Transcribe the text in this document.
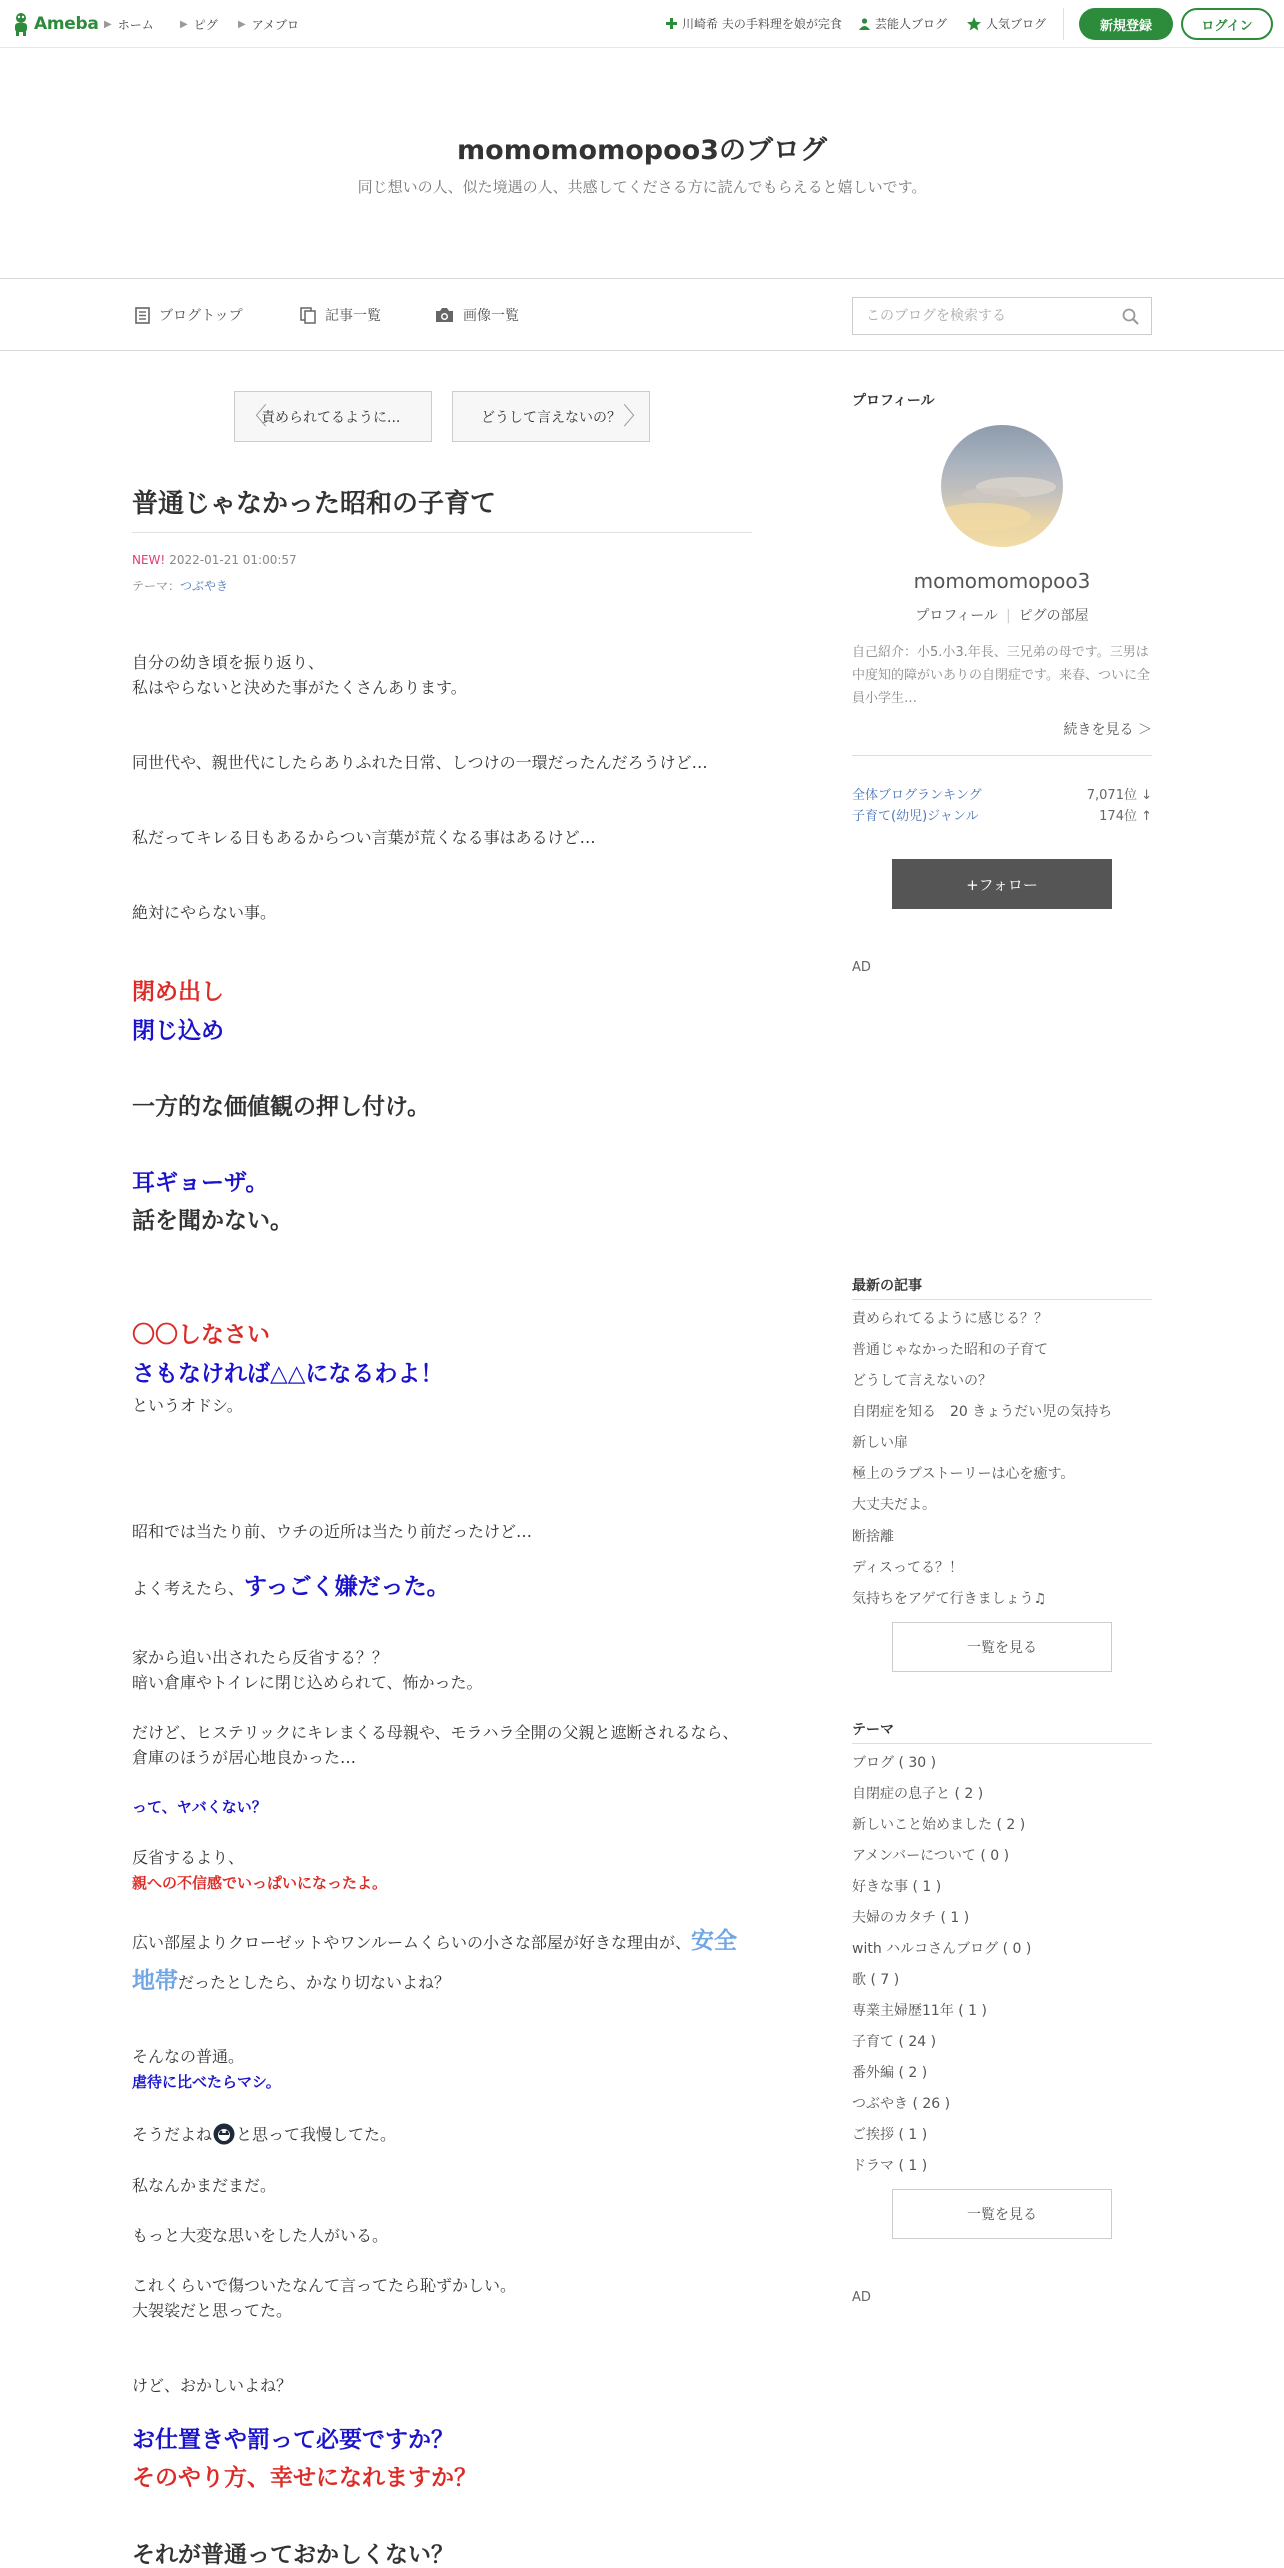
Ameba ▶ ホーム	▶ ピグ ▶ アメブロ	川崎希 夫の手料理を娘が完食	芸能人ブログ	人気ブログ	新規登録	ログイン
momomomopoo3のブログ

同じ想いの人、似た境遇の人、共感してくださる方に読んでもらえると嬉しいです。

ブログトップ	記事一覧	画像一覧
このブログを検索する
〈
責められてるように...	どうして言えないの？ 〉
普通じゃなかった昭和の子育て
NEW! 2022-01-21 01:00:57
テーマ：つぶやき
自分の幼き頃を振り返り、
私はやらないと決めた事がたくさんあります。
同世代や、親世代にしたらありふれた日常、しつけの一環だったんだろうけど…
私だってキレる日もあるからつい言葉が荒くなる事はあるけど…
絶対にやらない事。
閉め出し
閉じ込め
一方的な価値観の押し付け。
耳ギョーザ。
話を聞かない。
〇〇しなさい
さもなければ△△になるわよ！
というオドシ。
昭和では当たり前、ウチの近所は当たり前だったけど…
よく考えたら、すっごく嫌だった。
家から追い出されたら反省する？？
暗い倉庫やトイレに閉じ込められて、怖かった。
だけど、ヒステリックにキレまくる母親や、モラハラ全開の父親と遮断されるなら、
倉庫のほうが居心地良かった…
って、ヤバくない？
反省するより、
親への不信感でいっぱいになったよ。
広い部屋よりクローゼットやワンルームくらいの小さな部屋が好きな理由が、安全
地帯だったとしたら、かなり切ないよね？
そんなの普通。
虐待に比べたらマシ。
そうだよね と思って我慢してた。
私なんかまだまだ。
もっと大変な思いをした人がいる。
これくらいで傷ついたなんて言ってたら恥ずかしい。
大袈裟だと思ってた。
けど、おかしいよね？
お仕置きや罰って必要ですか？
そのやり方、幸せになれますか？
それが普通っておかしくない？
プロフィール
momomomopoo3
プロフィール | ピグの部屋
自己紹介：小5.小3.年長、三兄弟の母です。三男は中度知的障がいありの自閉症です。来春、ついに全員小学生…
続きを見る ＞
全体ブログランキング	7,071位 ↓
子育て(幼児)ジャンル	174位 ↑
+フォロー
AD
最新の記事
責められてるように感じる？？
普通じゃなかった昭和の子育て
どうして言えないの？
自閉症を知る　20 きょうだい児の気持ち
新しい扉
極上のラブストーリーは心を癒す。
大丈夫だよ。
断捨離
ディスってる？！
気持ちをアゲて行きましょう♫
一覧を見る
テーマ
ブログ ( 30 )
自閉症の息子と ( 2 )
新しいこと始めました ( 2 )
アメンバーについて ( 0 )
好きな事 ( 1 )
夫婦のカタチ ( 1 )
with ハルコさんブログ ( 0 )
歌 ( 7 )
専業主婦歴11年 ( 1 )
子育て ( 24 )
番外編 ( 2 )
つぶやき ( 26 )
ご挨拶 ( 1 )
ドラマ ( 1 )
一覧を見る
AD
